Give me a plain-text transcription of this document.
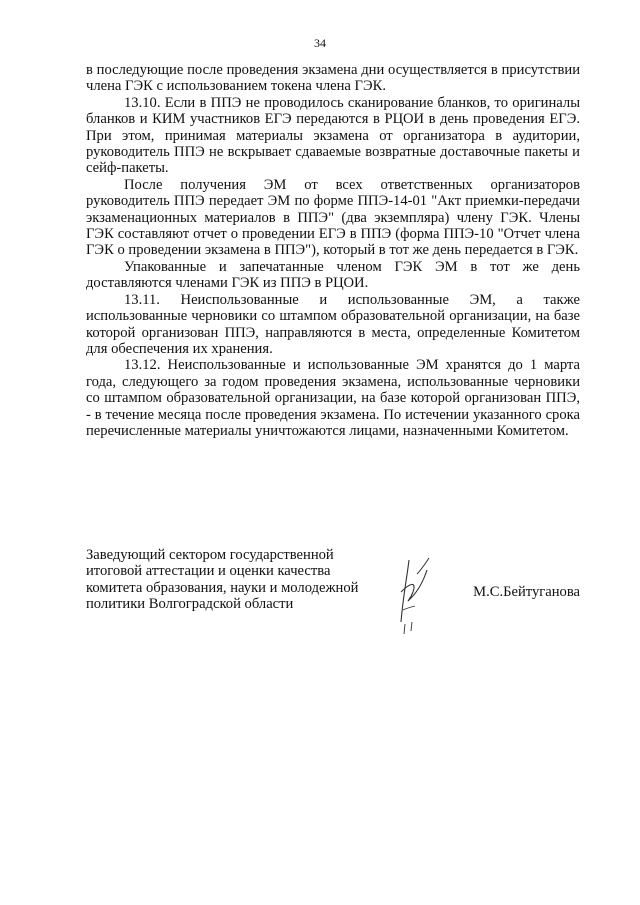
34

в последующие после проведения экзамена дни осуществляется в присутствии члена ГЭК с использованием токена члена ГЭК.

13.10. Если в ППЭ не проводилось сканирование бланков, то оригиналы бланков и КИМ участников ЕГЭ передаются в РЦОИ в день проведения ЕГЭ. При этом, принимая материалы экзамена от организатора в аудитории, руководитель ППЭ не вскрывает сдаваемые возвратные доставочные пакеты и сейф-пакеты.

После получения ЭМ от всех ответственных организаторов руководитель ППЭ передает ЭМ по форме ППЭ-14-01 "Акт приемки-передачи экзаменационных материалов в ППЭ" (два экземпляра) члену ГЭК. Члены ГЭК составляют отчет о проведении ЕГЭ в ППЭ (форма ППЭ-10 "Отчет члена ГЭК о проведении экзамена в ППЭ"), который в тот же день передается в ГЭК.

Упакованные и запечатанные членом ГЭК ЭМ в тот же день доставляются членами ГЭК из ППЭ в РЦОИ.

13.11. Неиспользованные и использованные ЭМ, а также использованные черновики со штампом образовательной организации, на базе которой организован ППЭ, направляются в места, определенные Комитетом для обеспечения их хранения.

13.12. Неиспользованные и использованные ЭМ хранятся до 1 марта года, следующего за годом проведения экзамена, использованные черновики со штампом образовательной организации, на базе которой организован ППЭ, - в течение месяца после проведения экзамена. По истечении указанного срока перечисленные материалы уничтожаются лицами, назначенными Комитетом.

Заведующий сектором государственной
итоговой аттестации и оценки качества
комитета образования, науки и молодежной
политики Волгоградской области
М.С.Бейтуганова
